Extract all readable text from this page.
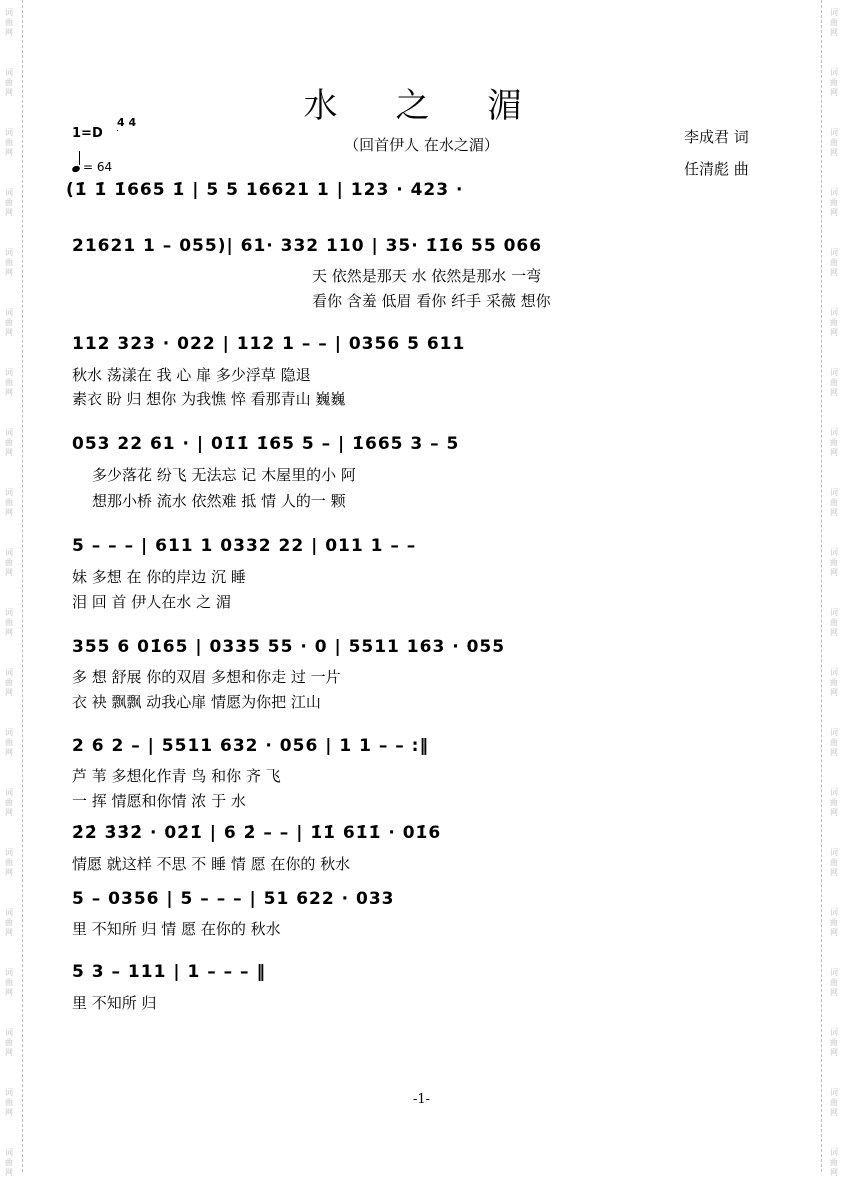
词
曲
网
词
曲
网
词
曲
网
词
曲
网
词
曲
网
词
曲
网
词
曲
网
词
曲
网
词
曲
网
词
曲
网
词
曲
网
词
曲
网
词
曲
网
词
曲
网
词
曲
网
词
曲
网
词
曲
网
词
曲
网
词
曲
网
词
曲
网
词
曲
网
词
曲
网
词
曲
网
词
曲
网
词
曲
网
词
曲
网
词
曲
网
词
曲
网
词
曲
网
词
曲
网
词
曲
网
词
曲
网
词
曲
网
词
曲
网
词
曲
网
词
曲
网
词
曲
网
词
曲
网
词
曲
网
词
曲
网
水之湄
（回首伊人 在水之湄）	李成君 词
任清彪 曲
1=D
4 4
= 64
(1̇ 1̇ 1̇665 1̇ | 5 5 16621 1 | 123 · 423 ·
21621 1 – 055)| 61· 332 110 | 35· 1̇1̇6 55 066
天 依然是那天 水 依然是那水 一弯
看你 含羞 低眉 看你 纤手 采薇 想你
112 323 · 022 | 112 1 – – | 0356 5 611
秋水 荡漾在 我 心 扉 多少浮草 隐退
素衣 盼 归 想你 为我憔 悴 看那青山 巍巍
053 22 61 · | 01̇1̇ 1̇65 5 – | 1̇665 3 – 5
多少落花 纷飞 无法忘 记 木屋里的小 阿
想那小桥 流水 依然难 抵 情 人的一 颗
5 – – – | 611 1 0332 22 | 011 1 – –
妹 多想 在 你的岸边 沉 睡
泪 回 首 伊人在水 之 湄
355 6 01̇65 | 0335 55 · 0 | 5511 163 · 055
多 想 舒展 你的双眉 多想和你走 过 一片
衣 袂 飘飘 动我心扉 情愿为你把 江山
2 6 2 – | 5511 632 · 056 | 1 1 – – :‖
芦 苇 多想化作青 鸟 和你 齐 飞
一 挥 情愿和你情 浓 于 水
2̇2̇ 3̇3̇2̇ · 02̇1̇ | 6 2̇ – – | 1̇1̇ 61̇1̇ · 01̇6
情愿 就这样 不思 不 睡 情 愿 在你的 秋水
5 – 0356 | 5 – – – | 51 622 · 033
里 不知所 归 情 愿 在你的 秋水
5 3 – 111 | 1 – – – ‖
里 不知所 归
-1-
